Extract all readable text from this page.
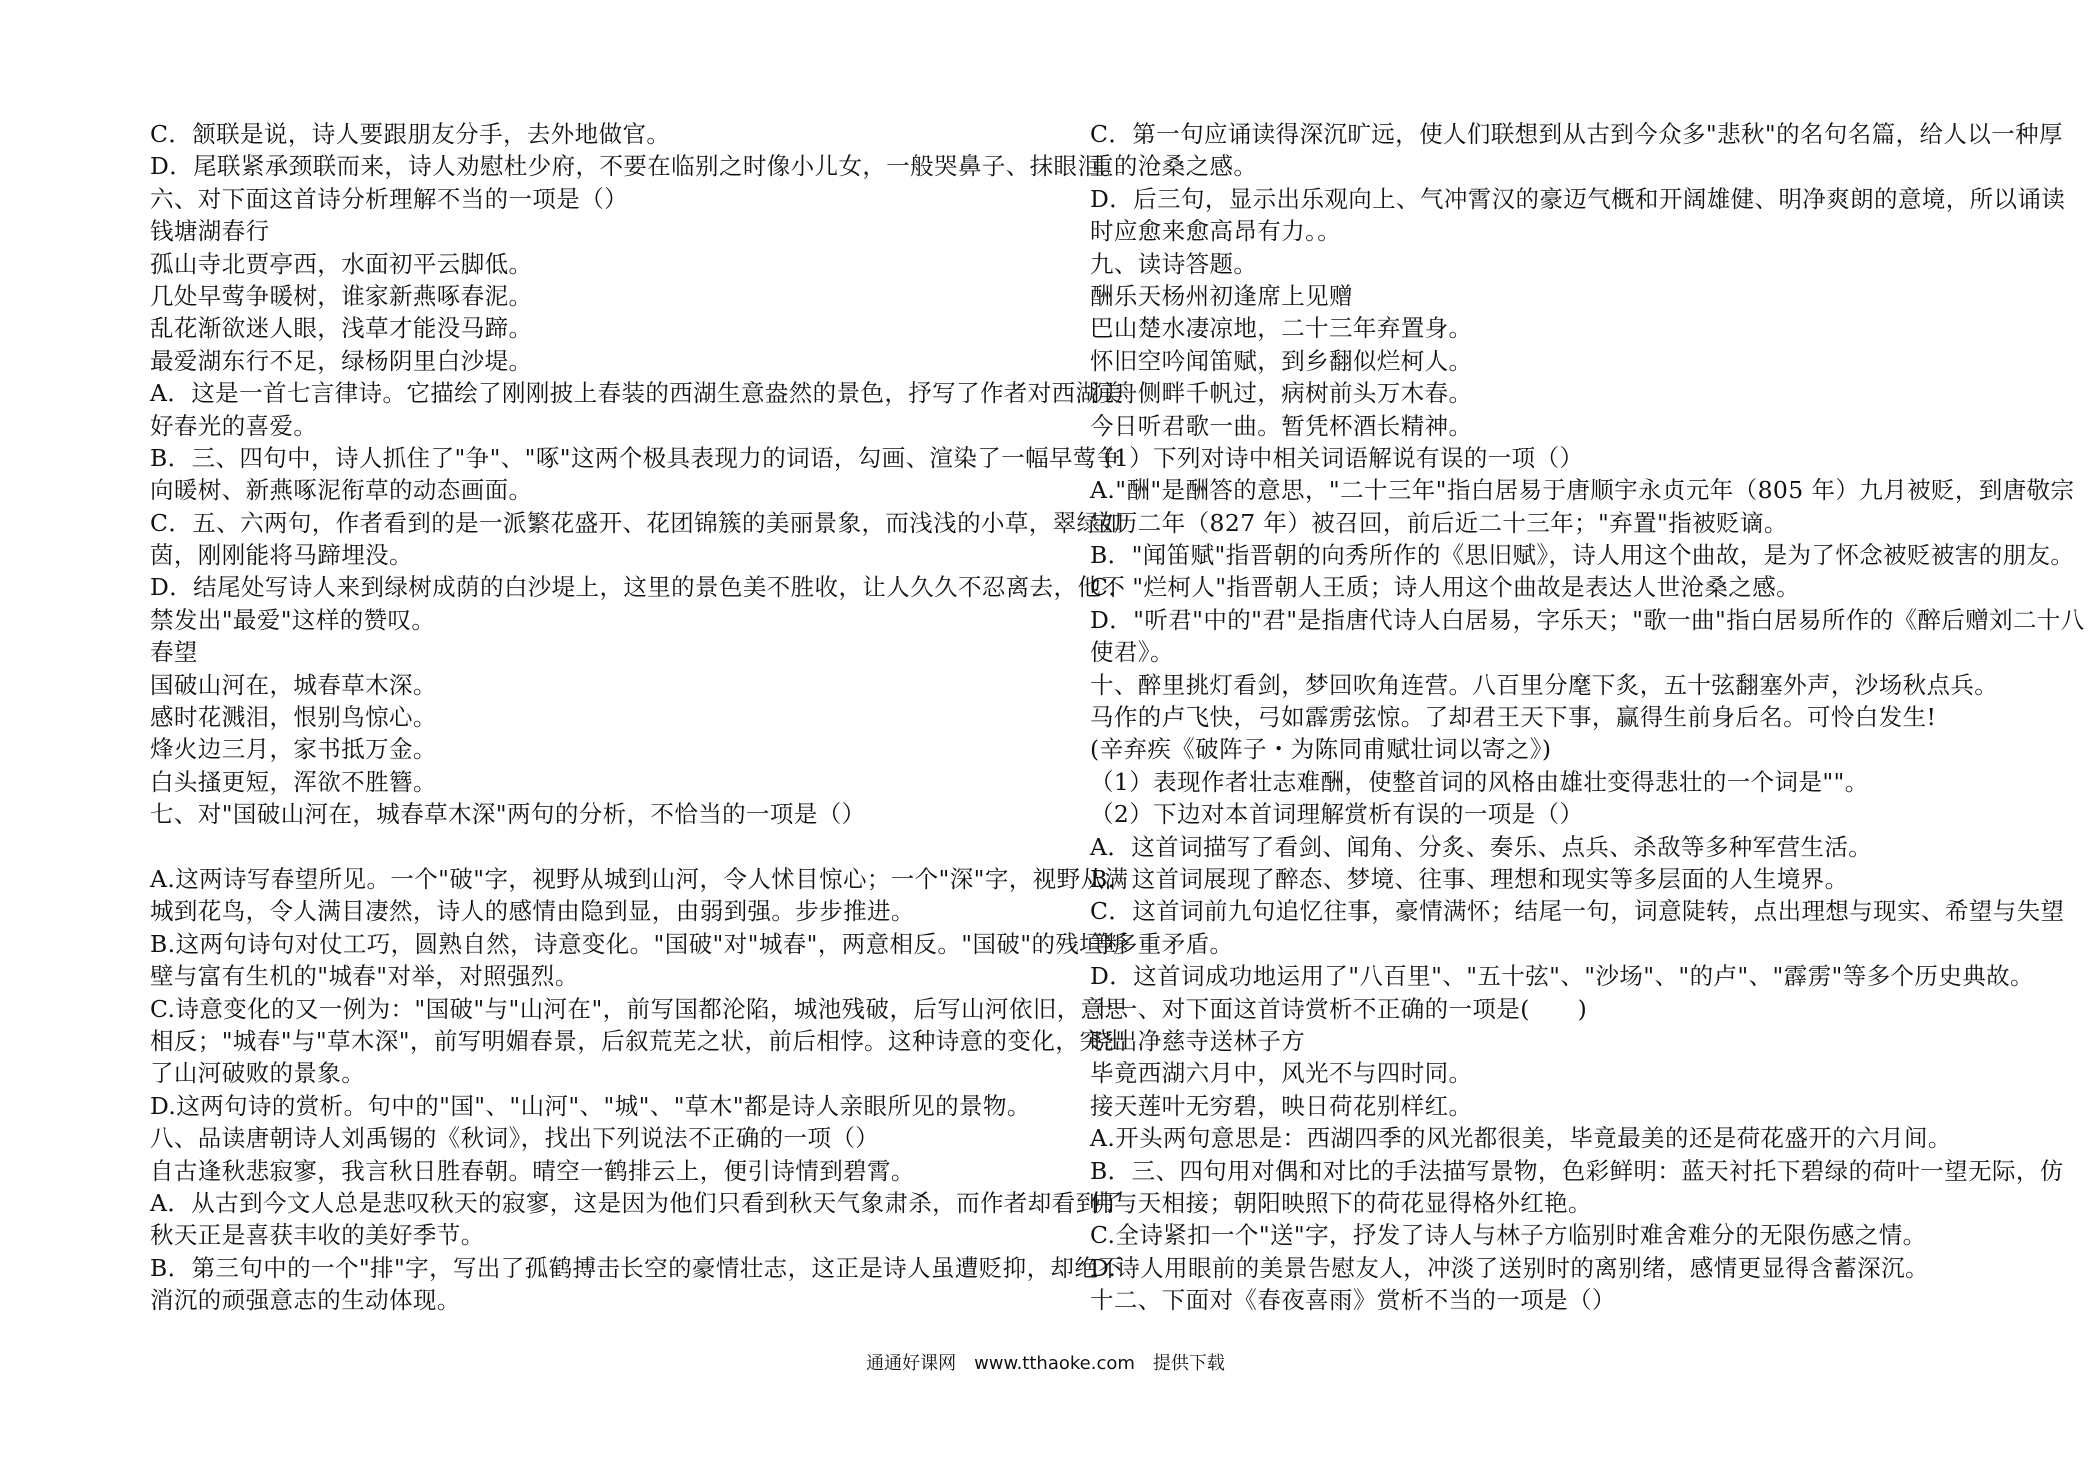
C．颔联是说，诗人要跟朋友分手，去外地做官。
D．尾联紧承颈联而来，诗人劝慰杜少府，不要在临别之时像小儿女，一般哭鼻子、抹眼泪。
六、对下面这首诗分析理解不当的一项是（）
钱塘湖春行
孤山寺北贾亭西，水面初平云脚低。
几处早莺争暖树，谁家新燕啄春泥。
乱花渐欲迷人眼，浅草才能没马蹄。
最爱湖东行不足，绿杨阴里白沙堤。
A．这是一首七言律诗。它描绘了刚刚披上春装的西湖生意盎然的景色，抒写了作者对西湖美
好春光的喜爱。
B．三、四句中，诗人抓住了"争"、"啄"这两个极具表现力的词语，勾画、渲染了一幅早莺争
向暖树、新燕啄泥衔草的动态画面。
C．五、六两句，作者看到的是一派繁花盛开、花团锦簇的美丽景象，而浅浅的小草，翠绿如
茵，刚刚能将马蹄埋没。
D．结尾处写诗人来到绿树成荫的白沙堤上，这里的景色美不胜收，让人久久不忍离去，他不
禁发出"最爱"这样的赞叹。
春望
国破山河在，城春草木深。
感时花溅泪，恨别鸟惊心。
烽火边三月，家书抵万金。
白头搔更短，浑欲不胜簪。
七、对"国破山河在，城春草木深"两句的分析，不恰当的一项是（）
A.这两诗写春望所见。一个"破"字，视野从城到山河，令人怵目惊心；一个"深"字，视野从满
城到花鸟，令人满目凄然，诗人的感情由隐到显，由弱到强。步步推进。
B.这两句诗句对仗工巧，圆熟自然，诗意变化。"国破"对"城春"，两意相反。"国破"的残垣断
壁与富有生机的"城春"对举，对照强烈。
C.诗意变化的又一例为："国破"与"山河在"，前写国都沦陷，城池残破，后写山河依旧，意思
相反；"城春"与"草木深"，前写明媚春景，后叙荒芜之状，前后相悖。这种诗意的变化，突出
了山河破败的景象。
D.这两句诗的赏析。句中的"国"、"山河"、"城"、"草木"都是诗人亲眼所见的景物。
八、品读唐朝诗人刘禹锡的《秋词》，找出下列说法不正确的一项（）
自古逢秋悲寂寥，我言秋日胜春朝。晴空一鹤排云上，便引诗情到碧霄。
A．从古到今文人总是悲叹秋天的寂寥，这是因为他们只看到秋天气象肃杀，而作者却看到了
秋天正是喜获丰收的美好季节。
B．第三句中的一个"排"字，写出了孤鹤搏击长空的豪情壮志，这正是诗人虽遭贬抑，却绝不
消沉的顽强意志的生动体现。
C．第一句应诵读得深沉旷远，使人们联想到从古到今众多"悲秋"的名句名篇，给人以一种厚
重的沧桑之感。
D．后三句，显示出乐观向上、气冲霄汉的豪迈气概和开阔雄健、明净爽朗的意境，所以诵读
时应愈来愈高昂有力。。
九、读诗答题。
酬乐天杨州初逢席上见赠
巴山楚水凄凉地，二十三年弃置身。
怀旧空吟闻笛赋，到乡翻似烂柯人。
沉舟侧畔千帆过，病树前头万木春。
今日听君歌一曲。暂凭杯酒长精神。
（1）下列对诗中相关词语解说有误的一项（）
A."酬"是酬答的意思，"二十三年"指白居易于唐顺宇永贞元年（805 年）九月被贬，到唐敬宗
宝历二年（827 年）被召回，前后近二十三年；"弃置"指被贬谪。
B．"闻笛赋"指晋朝的向秀所作的《思旧赋》，诗人用这个曲故，是为了怀念被贬被害的朋友。
C．"烂柯人"指晋朝人王质；诗人用这个曲故是表达人世沧桑之感。
D．"听君"中的"君"是指唐代诗人白居易，字乐天；"歌一曲"指白居易所作的《醉后赠刘二十八
使君》。
十、醉里挑灯看剑，梦回吹角连营。八百里分麾下炙，五十弦翻塞外声，沙场秋点兵。
马作的卢飞快，弓如霹雳弦惊。了却君王天下事，赢得生前身后名。可怜白发生!
(辛弃疾《破阵子・为陈同甫赋壮词以寄之》)
（1）表现作者壮志难酬，使整首词的风格由雄壮变得悲壮的一个词是""。
（2）下边对本首词理解赏析有误的一项是（）
A．这首词描写了看剑、闻角、分炙、奏乐、点兵、杀敌等多种军营生活。
B．这首词展现了醉态、梦境、往事、理想和现实等多层面的人生境界。
C．这首词前九句追忆往事，豪情满怀；结尾一句，词意陡转，点出理想与现实、希望与失望
等多重矛盾。
D．这首词成功地运用了"八百里"、"五十弦"、"沙场"、"的卢"、"霹雳"等多个历史典故。
十一、对下面这首诗赏析不正确的一项是(　　)
晓出净慈寺送林子方
毕竟西湖六月中，风光不与四时同。
接天莲叶无穷碧，映日荷花别样红。
A.开头两句意思是：西湖四季的风光都很美，毕竟最美的还是荷花盛开的六月间。
B．三、四句用对偶和对比的手法描写景物，色彩鲜明：蓝天衬托下碧绿的荷叶一望无际，仿
佛与天相接；朝阳映照下的荷花显得格外红艳。
C.全诗紧扣一个"送"字，抒发了诗人与林子方临别时难舍难分的无限伤感之情。
D.诗人用眼前的美景告慰友人，冲淡了送别时的离别绪，感情更显得含蓄深沉。
十二、下面对《春夜喜雨》赏析不当的一项是（）
通通好课网　www.tthaoke.com　提供下载
